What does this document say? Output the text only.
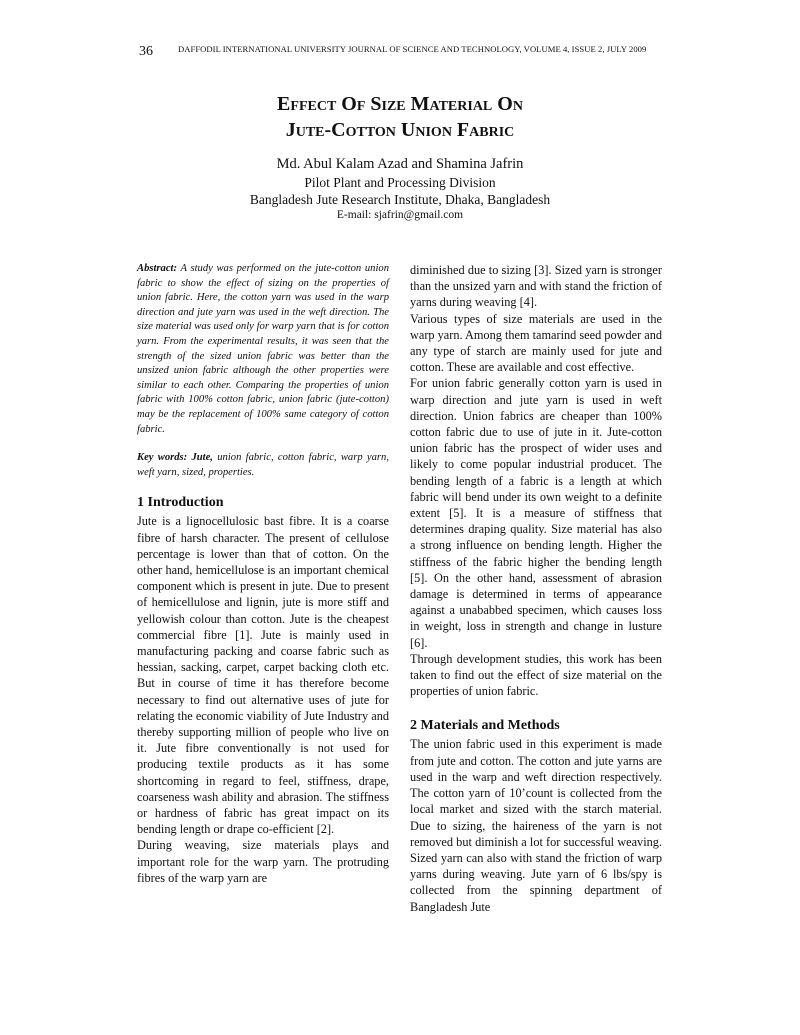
36	DAFFODIL INTERNATIONAL UNIVERSITY JOURNAL OF SCIENCE AND TECHNOLOGY, VOLUME 4, ISSUE 2, JULY 2009
Effect Of Size Material On
Jute-Cotton Union Fabric
Md. Abul Kalam Azad and Shamina Jafrin
Pilot Plant and Processing Division
Bangladesh Jute Research Institute, Dhaka, Bangladesh
E-mail: sjafrin@gmail.com

Abstract: A study was performed on the jute-cotton union fabric to show the effect of sizing on the properties of union fabric. Here, the cotton yarn was used in the warp direction and jute yarn was used in the weft direction. The size material was used only for warp yarn that is for cotton yarn. From the experimental results, it was seen that the strength of the sized union fabric was better than the unsized union fabric although the other properties were similar to each other. Comparing the properties of union fabric with 100% cotton fabric, union fabric (jute-cotton) may be the replacement of 100% same category of cotton fabric.

Key words: Jute, union fabric, cotton fabric, warp yarn, weft yarn, sized, properties.

1 Introduction

Jute is a lignocellulosic bast fibre. It is a coarse fibre of harsh character. The present of cellulose percentage is lower than that of cotton. On the other hand, hemicellulose is an important chemical component which is present in jute. Due to present of hemicellulose and lignin, jute is more stiff and yellowish colour than cotton. Jute is the cheapest commercial fibre [1]. Jute is mainly used in manufacturing packing and coarse fabric such as hessian, sacking, carpet, carpet backing cloth etc. But in course of time it has therefore become necessary to find out alternative uses of jute for relating the economic viability of Jute Industry and thereby supporting million of people who live on it. Jute fibre conventionally is not used for producing textile products as it has some shortcoming in regard to feel, stiffness, drape, coarseness wash ability and abrasion. The stiffness or hardness of fabric has great impact on its bending length or drape co-efficient [2].

During weaving, size materials plays and important role for the warp yarn. The protruding fibres of the warp yarn are

diminished due to sizing [3]. Sized yarn is stronger than the unsized yarn and with stand the friction of yarns during weaving [4].

Various types of size materials are used in the warp yarn. Among them tamarind seed powder and any type of starch are mainly used for jute and cotton. These are available and cost effective.

For union fabric generally cotton yarn is used in warp direction and jute yarn is used in weft direction. Union fabrics are cheaper than 100% cotton fabric due to use of jute in it. Jute-cotton union fabric has the prospect of wider uses and likely to come popular industrial producet. The bending length of a fabric is a length at which fabric will bend under its own weight to a definite extent [5]. It is a measure of stiffness that determines draping quality. Size material has also a strong influence on bending length. Higher the stiffness of the fabric higher the bending length [5]. On the other hand, assessment of abrasion damage is determined in terms of appearance against a unababbed specimen, which causes loss in weight, loss in strength and change in lusture [6].

Through development studies, this work has been taken to find out the effect of size material on the properties of union fabric.

2 Materials and Methods

The union fabric used in this experiment is made from jute and cotton. The cotton and jute yarns are used in the warp and weft direction respectively. The cotton yarn of 10’count is collected from the local market and sized with the starch material. Due to sizing, the haireness of the yarn is not removed but diminish a lot for successful weaving. Sized yarn can also with stand the friction of warp yarns during weaving. Jute yarn of 6 lbs/spy is collected from the spinning department of Bangladesh Jute
